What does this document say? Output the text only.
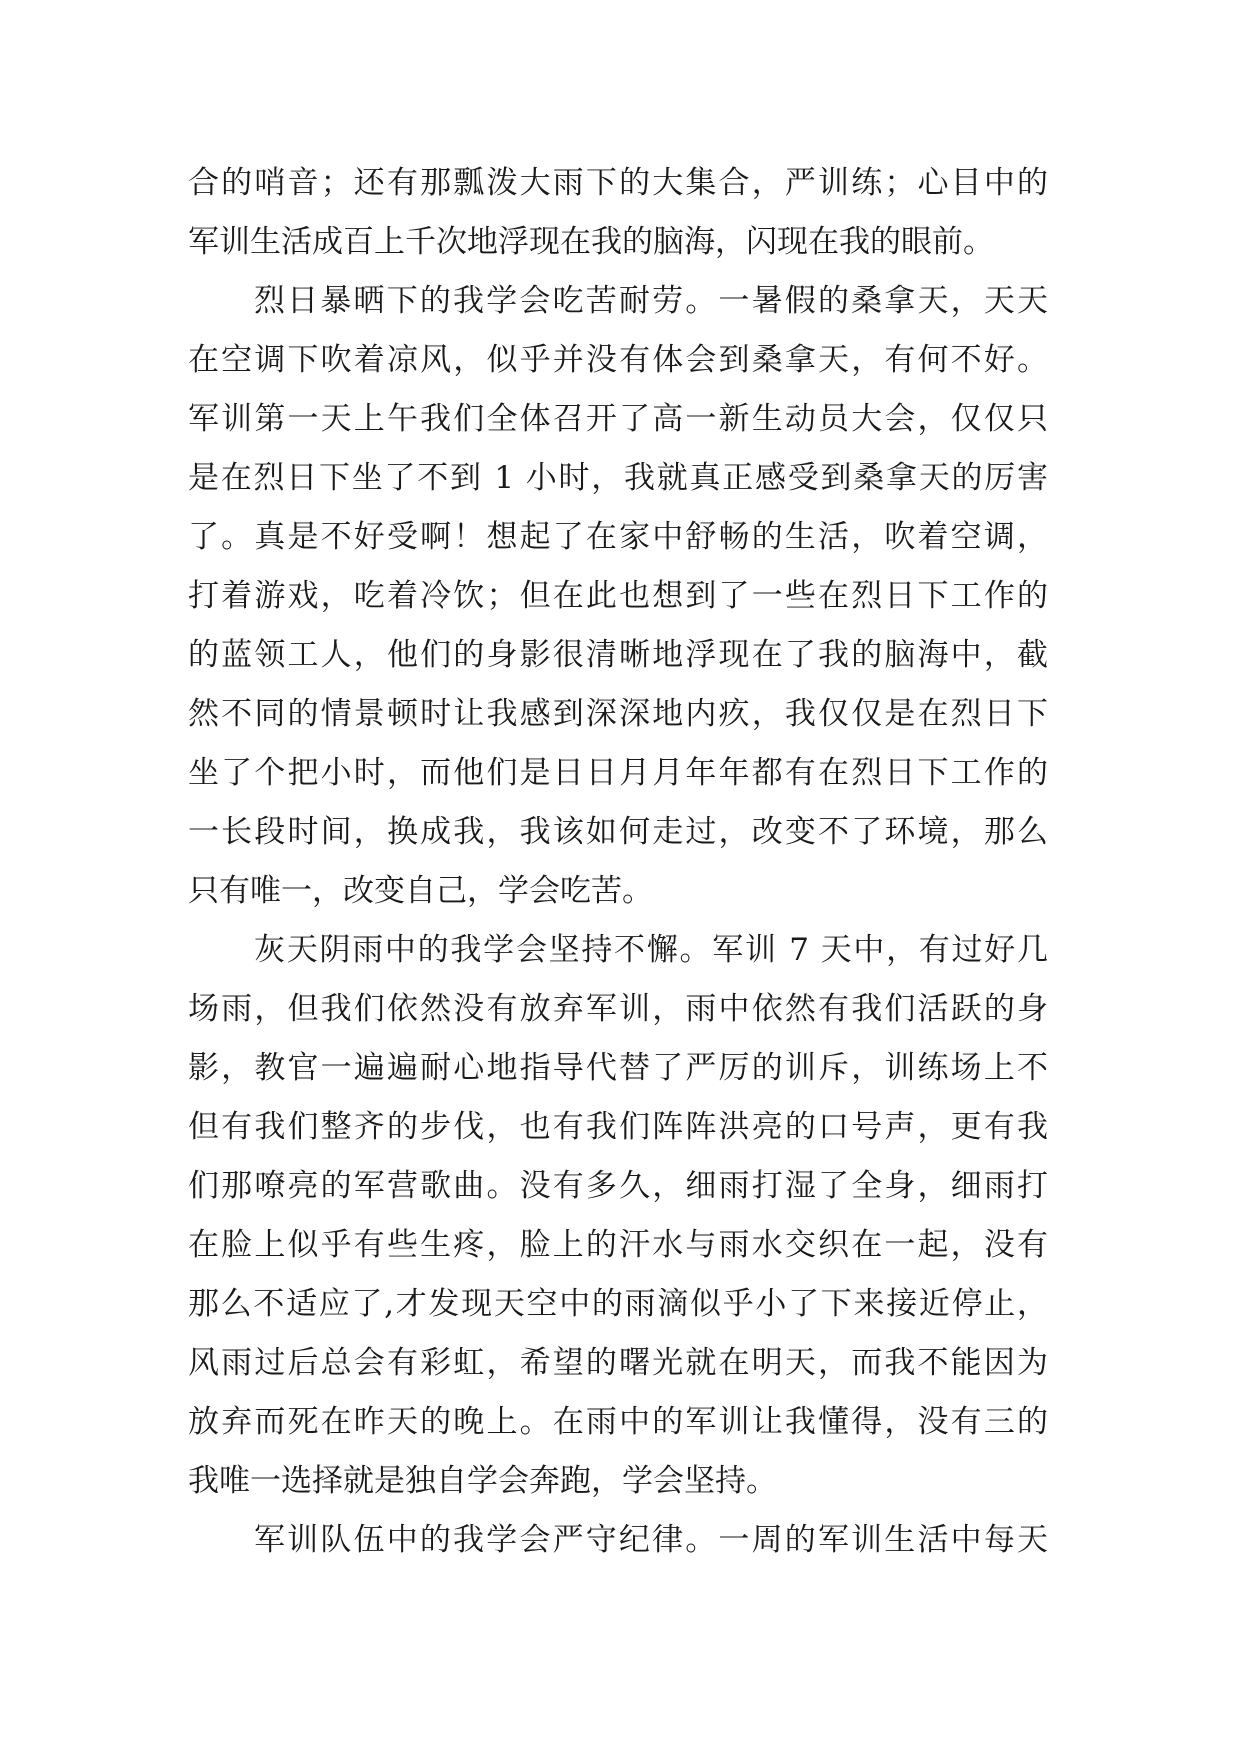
合的哨音；还有那瓢泼大雨下的大集合，严训练；心目中的
军训生活成百上千次地浮现在我的脑海，闪现在我的眼前。
烈日暴晒下的我学会吃苦耐劳。一暑假的桑拿天，天天
在空调下吹着凉风，似乎并没有体会到桑拿天，有何不好。
军训第一天上午我们全体召开了高一新生动员大会，仅仅只
是在烈日下坐了不到 1 小时，我就真正感受到桑拿天的厉害
了。真是不好受啊！想起了在家中舒畅的生活，吹着空调，
打着游戏，吃着冷饮；但在此也想到了一些在烈日下工作的
的蓝领工人，他们的身影很清晰地浮现在了我的脑海中，截
然不同的情景顿时让我感到深深地内疚，我仅仅是在烈日下
坐了个把小时，而他们是日日月月年年都有在烈日下工作的
一长段时间，换成我，我该如何走过，改变不了环境，那么
只有唯一，改变自己，学会吃苦。
灰天阴雨中的我学会坚持不懈。军训 7 天中，有过好几
场雨，但我们依然没有放弃军训，雨中依然有我们活跃的身
影，教官一遍遍耐心地指导代替了严厉的训斥，训练场上不
但有我们整齐的步伐，也有我们阵阵洪亮的口号声，更有我
们那嘹亮的军营歌曲。没有多久，细雨打湿了全身，细雨打
在脸上似乎有些生疼，脸上的汗水与雨水交织在一起，没有
那么不适应了,才发现天空中的雨滴似乎小了下来接近停止，
风雨过后总会有彩虹，希望的曙光就在明天，而我不能因为
放弃而死在昨天的晚上。在雨中的军训让我懂得，没有三的
我唯一选择就是独自学会奔跑，学会坚持。
军训队伍中的我学会严守纪律。一周的军训生活中每天
